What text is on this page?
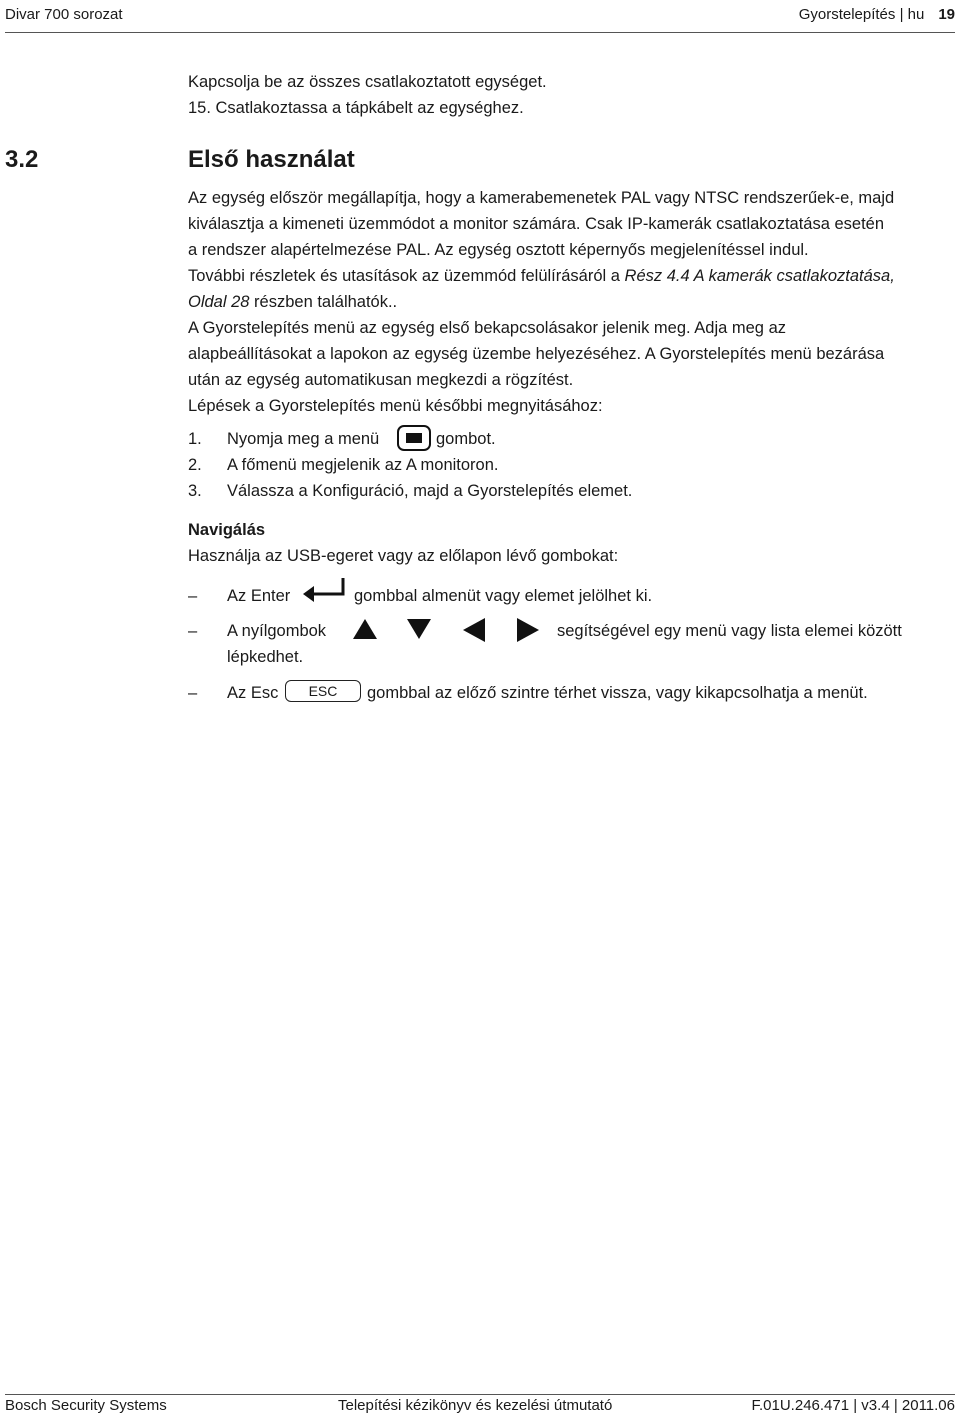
Divar 700 sorozat	Gyorstelepítés | hu 19

Kapcsolja be az összes csatlakoztatott egységet.

15. Csatlakoztassa a tápkábelt az egységhez.

3.2	Első használat

Az egység először megállapítja, hogy a kamerabemenetek PAL vagy NTSC rendszerűek-e, majd

kiválasztja a kimeneti üzemmódot a monitor számára. Csak IP-kamerák csatlakoztatása esetén

a rendszer alapértelmezése PAL. Az egység osztott képernyős megjelenítéssel indul.

További részletek és utasítások az üzemmód felülírásáról a Rész 4.4 A kamerák csatlakoztatása,

Oldal 28 részben találhatók..

A Gyorstelepítés menü az egység első bekapcsolásakor jelenik meg. Adja meg az

alapbeállításokat a lapokon az egység üzembe helyezéséhez. A Gyorstelepítés menü bezárása

után az egység automatikusan megkezdi a rögzítést.

Lépések a Gyorstelepítés menü későbbi megnyitásához:

1. Nyomja meg a menü	gombot.
2. A főmenü megjelenik az A monitoron.
3. Válassza a Konfiguráció, majd a Gyorstelepítés elemet.
Navigálás

Használja az USB-egeret vagy az előlapon lévő gombokat:

– Az Enter	gombbal almenüt vagy elemet jelölhet ki.
– A nyílgombok	segítségével egy menü vagy lista elemei között
lépkedhet.
– Az Esc	ESC	gombbal az előző szintre térhet vissza, vagy kikapcsolhatja a menüt.
Bosch Security Systems	Telepítési kézikönyv és kezelési útmutató	F.01U.246.471 | v3.4 | 2011.06
